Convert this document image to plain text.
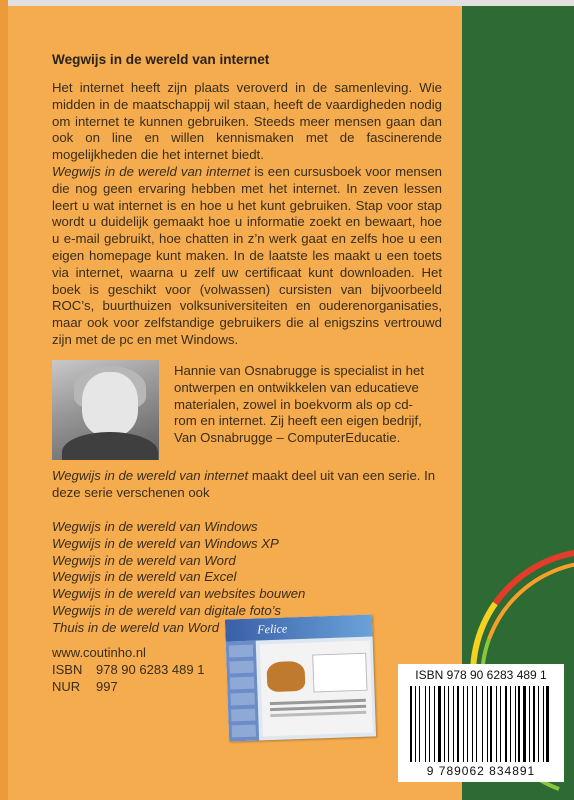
Wegwijs in de wereld van internet
Het internet heeft zijn plaats veroverd in de samenleving. Wie midden in de maatschappij wil staan, heeft de vaardigheden nodig om internet te kunnen gebruiken. Steeds meer mensen gaan dan ook on line en willen kennismaken met de fascinerende mogelijkheden die het internet biedt.
Wegwijs in de wereld van internet is een cursusboek voor mensen die nog geen ervaring hebben met het internet. In zeven lessen leert u wat internet is en hoe u het kunt gebruiken. Stap voor stap wordt u duidelijk gemaakt hoe u informatie zoekt en bewaart, hoe u e-mail gebruikt, hoe chatten in z’n werk gaat en zelfs hoe u een eigen homepage kunt maken. In de laatste les maakt u een toets via internet, waarna u zelf uw certificaat kunt downloaden. Het boek is geschikt voor (volwassen) cursisten van bijvoorbeeld ROC’s, buurthuizen volksuniversiteiten en ouderenorganisaties, maar ook voor zelfstandige gebruikers die al enigszins vertrouwd zijn met de pc en met Windows.
Hannie van Osnabrugge is specialist in het ontwerpen en ontwikkelen van educatieve materialen, zowel in boekvorm als op cd-rom en internet. Zij heeft een eigen bedrijf, Van Osnabrugge – ComputerEducatie.
Wegwijs in de wereld van internet maakt deel uit van een serie. In deze serie verschenen ook
Wegwijs in de wereld van Windows
Wegwijs in de wereld van Windows XP
Wegwijs in de wereld van Word
Wegwijs in de wereld van Excel
Wegwijs in de wereld van websites bouwen
Wegwijs in de wereld van digitale foto’s
Thuis in de wereld van Word
www.coutinho.nl
ISBN	978 90 6283 489 1
NUR	997
Felice
ISBN 978 90 6283 489 1
9 789062 834891
